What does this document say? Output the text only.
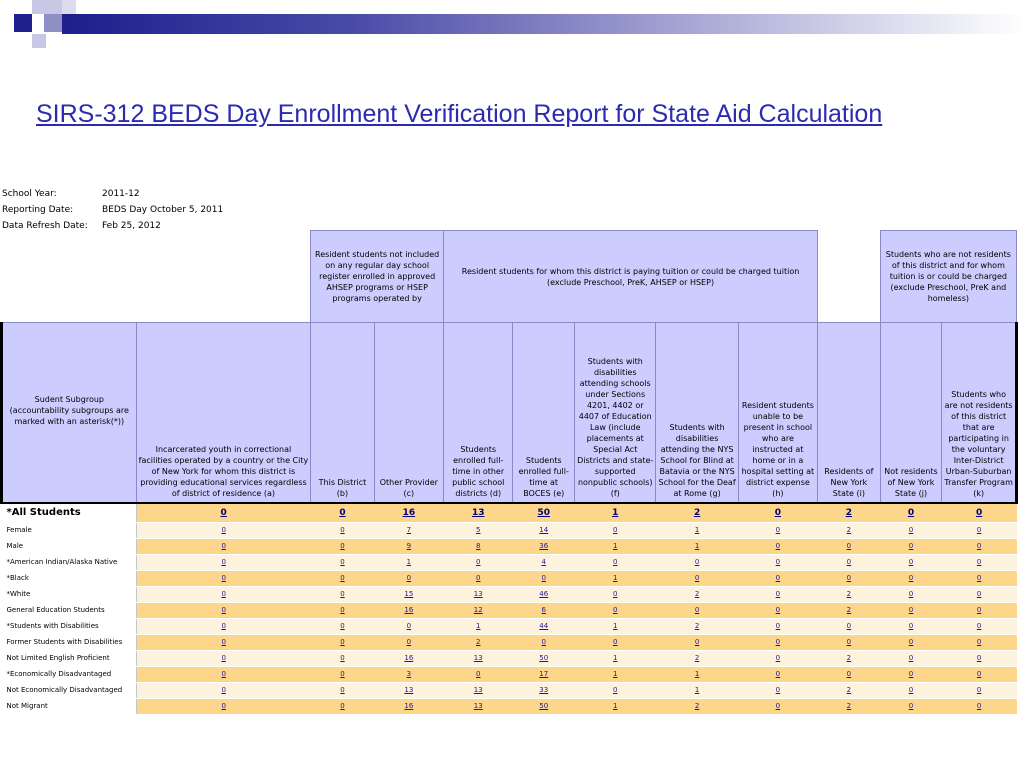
SIRS-312 BEDS Day Enrollment Verification Report for State Aid Calculation
School Year:	2011-12
Reporting Date:	BEDS Day October 5, 2011
Data Refresh Date: Feb 25, 2012
		Resident students not included on any regular day school register enrolled in approved AHSEP programs or HSEP programs operated by		Resident students for whom this district is paying tuition or could be charged tuition (exclude Preschool, PreK, AHSEP or HSEP)						Students who are not residents of this district and for whom tuition is or could be charged (exclude Preschool, PreK and homeless)		
Sudent Subgroup (accountability subgroups are marked with an asterisk(*))	Incarcerated youth in correctional facilities operated by a country or the City of New York for whom this district is providing educational services regardless of district of residence (a)	This District (b)	Other Provider (c)	Students enrolled full-time in other public school districts (d)	Students enrolled full-time at BOCES (e)	Students with disabilities attending schools under Sections 4201, 4402 or 4407 of Education Law (include placements at Special Act Districts and state-supported nonpublic schools) (f)	Students with disabilities attending the NYS School for Blind at Batavia or the NYS School for the Deaf at Rome (g)	Resident students unable to be present in school who are instructed at home or in a hospital setting at district expense (h)	Residents of New York State (i)	Not residents of New York State (j)	Students who are not residents of this district that are participating in the voluntary Inter-District Urban-Suburban Transfer Program (k)	
*All Students	0	0	16	13	50	1	2	0	2	0	0	
Female	0	0	7	5	14	0	1	0	2	0	0	
Male	0	0	9	8	36	1	1	0	0	0	0	
*American Indian/Alaska Native	0	0	1	0	4	0	0	0	0	0	0	
*Black	0	0	0	0	0	1	0	0	0	0	0	
*White	0	0	15	13	46	0	2	0	2	0	0	
General Education Students	0	0	16	12	6	0	0	0	2	0	0	
*Students with Disabilities	0	0	0	1	44	1	2	0	0	0	0	
Former Students with Disabilities	0	0	0	2	0	0	0	0	0	0	0	
Not Limited English Proficient	0	0	16	13	50	1	2	0	2	0	0	
*Economically Disadvantaged	0	0	3	0	17	1	1	0	0	0	0	
Not Economically Disadvantaged	0	0	13	13	33	0	1	0	2	0	0	
Not Migrant	0	0	16	13	50	1	2	0	2	0	0	
